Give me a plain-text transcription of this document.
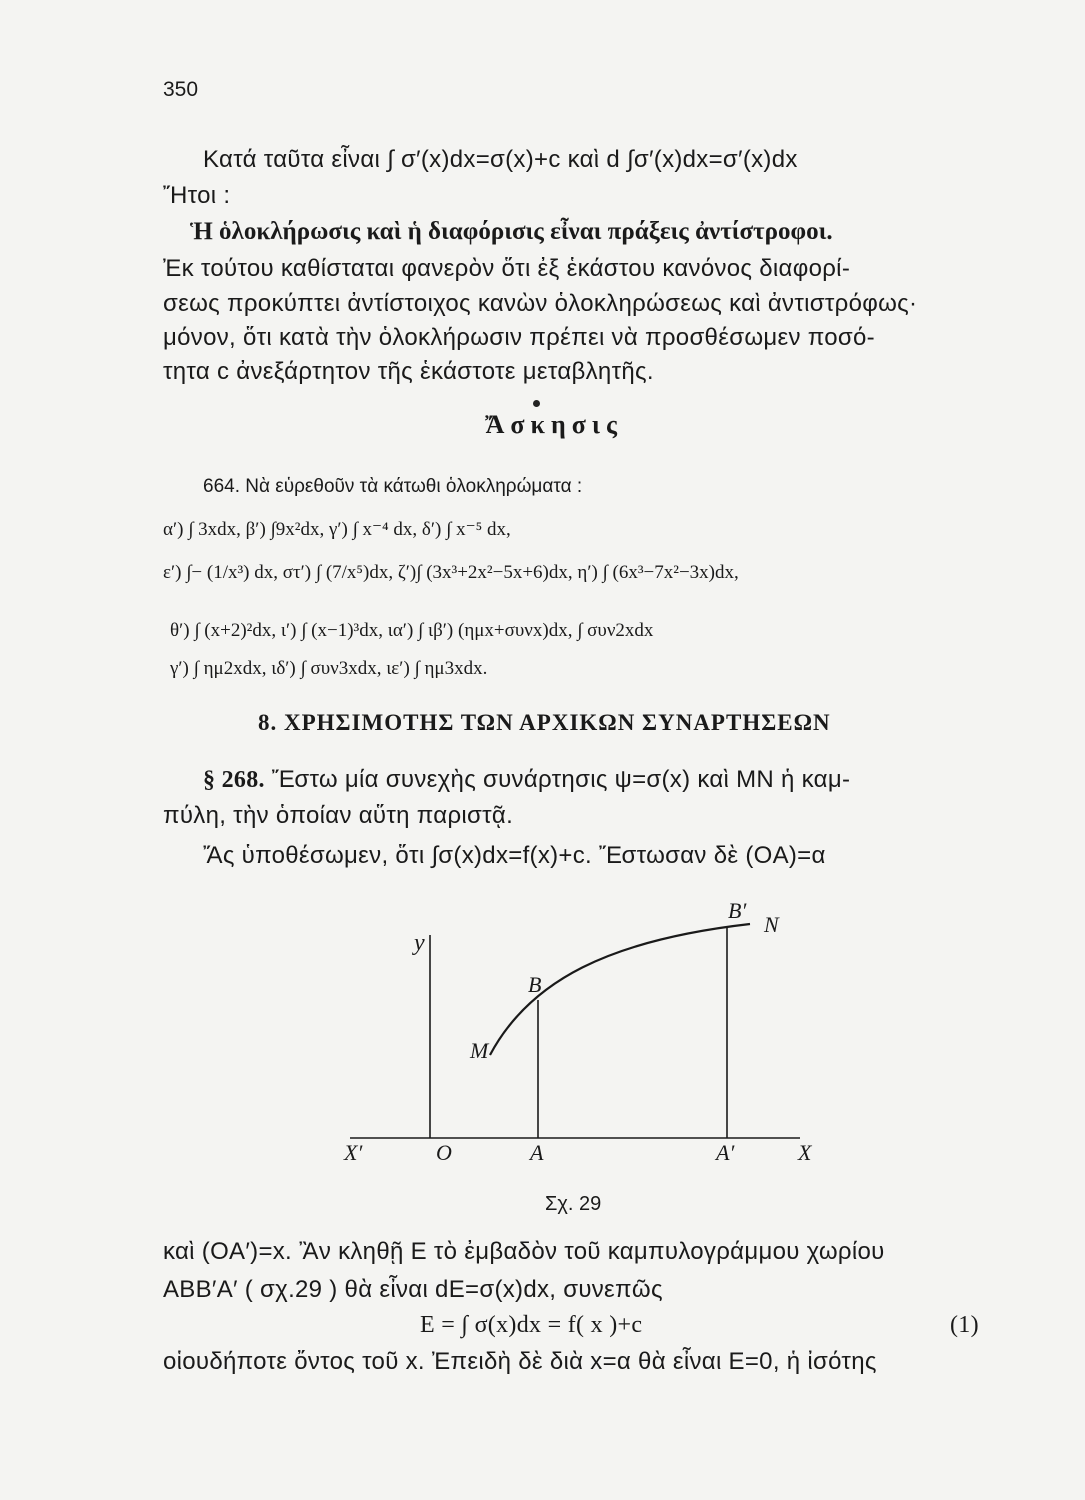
350
Κατά ταῦτα εἶναι ∫ σ′(x)dx=σ(x)+c καὶ d ∫σ′(x)dx=σ′(x)dx
Ἤτοι :
Ἡ ὁλοκλήρωσις καὶ ἡ διαφόρισις εἶναι πράξεις ἀντίστροφοι.
Ἐκ τούτου καθίσταται φανερὸν ὅτι ἐξ ἑκάστου κανόνος διαφορί-
σεως προκύπτει ἀντίστοιχος κανὼν ὁλοκληρώσεως καὶ ἀντιστρόφως·
μόνον, ὅτι κατὰ τὴν ὁλοκλήρωσιν πρέπει νὰ προσθέσωμεν ποσό-
τητα c ἀνεξάρτητον τῆς ἑκάστοτε μεταβλητῆς.
Ἄσκησις
664. Νὰ εὑρεθοῦν τὰ κάτωθι ὁλοκληρώματα :
α′) ∫ 3xdx, β′) ∫9x²dx, γ′) ∫ x⁻⁴ dx, δ′) ∫ x⁻⁵ dx,
ε′) ∫− (1/x³) dx, στ′) ∫ (7/x⁵)dx, ζ′)∫ (3x³+2x²−5x+6)dx, η′) ∫ (6x³−7x²−3x)dx,
θ′) ∫ (x+2)²dx, ι′) ∫ (x−1)³dx, ια′) ∫ ιβ′) (ημx+συνx)dx, ∫ συν2xdx
γ′) ∫ ημ2xdx, ιδ′) ∫ συν3xdx, ιε′) ∫ ημ3xdx.
8. ΧΡΗΣΙΜΟΤΗΣ ΤΩΝ ΑΡΧΙΚΩΝ ΣΥΝΑΡΤΗΣΕΩΝ
§ 268. Ἔστω μία συνεχὴς συνάρτησις ψ=σ(x) καὶ MN ἡ καμ-
πύλη, τὴν ὁποίαν αὕτη παριστᾷ.
Ἄς ὑποθέσωμεν, ὅτι ∫σ(x)dx=f(x)+c. Ἔστωσαν δὲ (OA)=α
y
X′	O	A	A′	X
B
B′
M
N
Σχ. 29
καὶ (OA′)=x. Ἂν κληθῇ E τὸ ἐμβαδὸν τοῦ καμπυλογράμμου χωρίου
ABB′A′ ( σχ.29 ) θὰ εἶναι dE=σ(x)dx, συνεπῶς
E = ∫ σ(x)dx = f( x )+c	(1)
οἱουδήποτε ὄντος τοῦ x. Ἐπειδὴ δὲ διὰ x=α θὰ εἶναι E=0, ἡ ἰσότης
